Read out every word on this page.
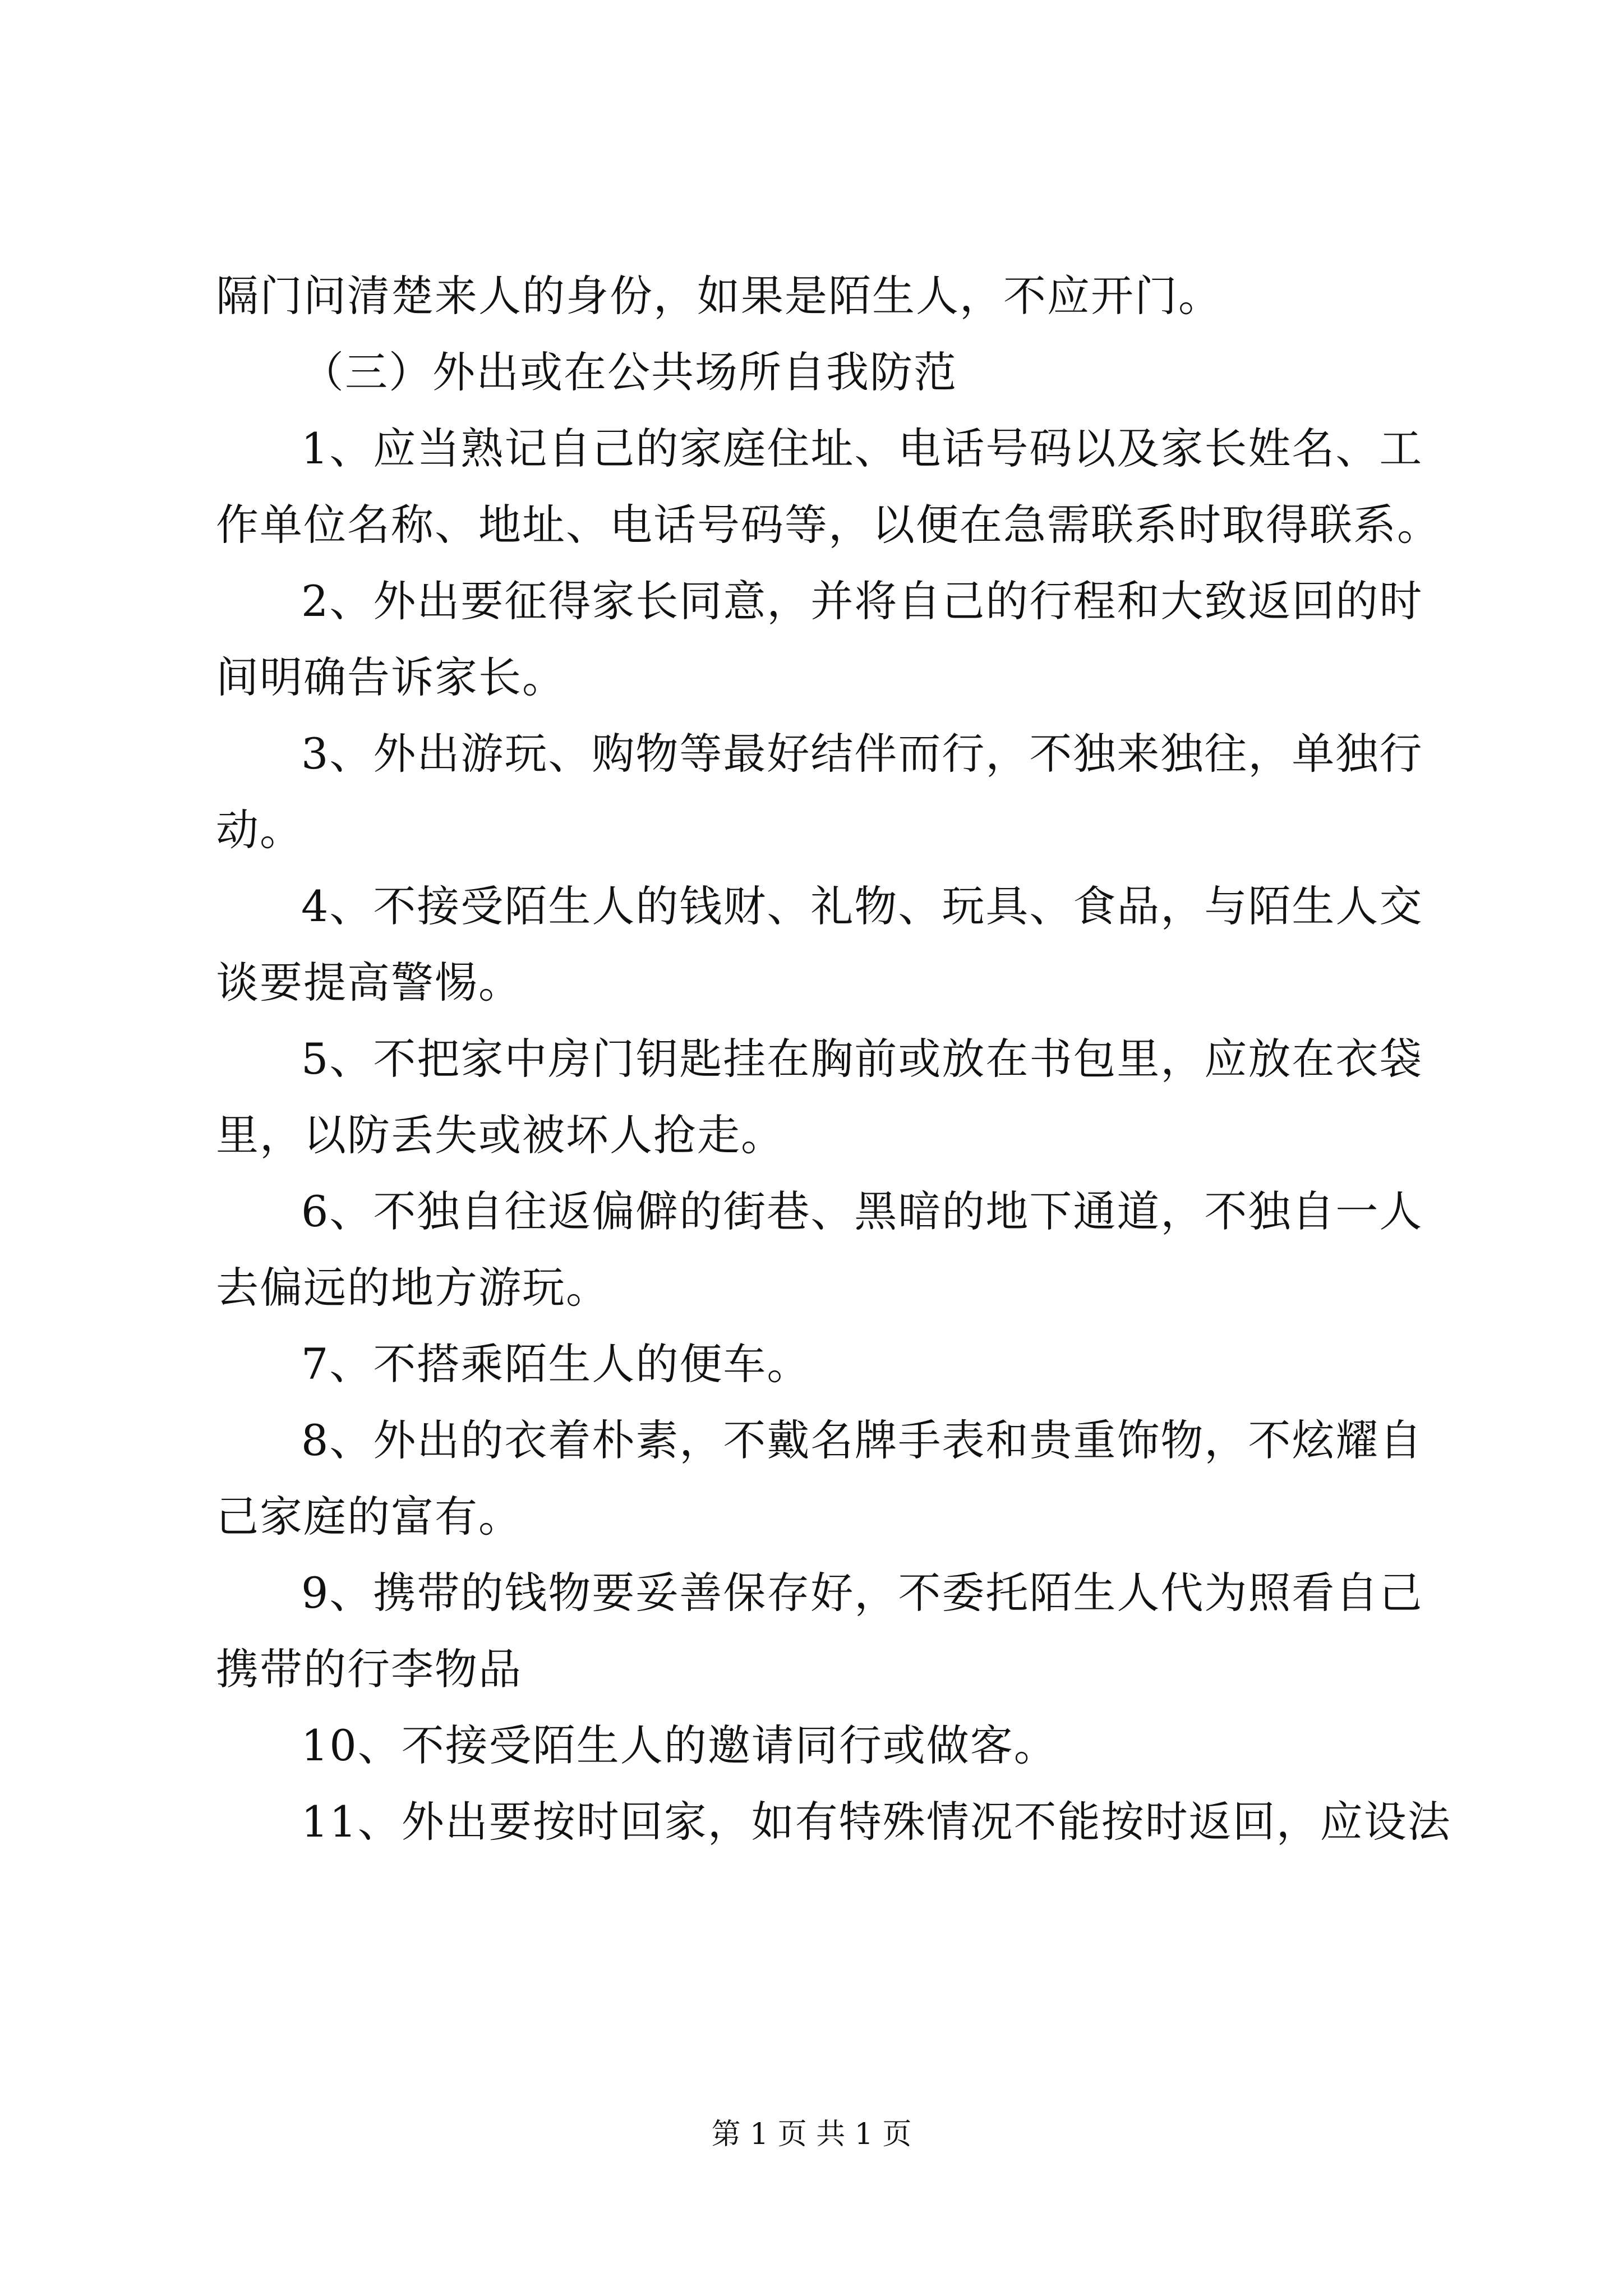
隔门问清楚来人的身份，如果是陌生人，不应开门。
（三）外出或在公共场所自我防范
1、应当熟记自己的家庭住址、电话号码以及家长姓名、工
作单位名称、地址、电话号码等，以便在急需联系时取得联系。
2、外出要征得家长同意，并将自己的行程和大致返回的时
间明确告诉家长。
3、外出游玩、购物等最好结伴而行，不独来独往，单独行
动。
4、不接受陌生人的钱财、礼物、玩具、食品，与陌生人交
谈要提高警惕。
5、不把家中房门钥匙挂在胸前或放在书包里，应放在衣袋
里，以防丢失或被坏人抢走。
6、不独自往返偏僻的街巷、黑暗的地下通道，不独自一人
去偏远的地方游玩。
7、不搭乘陌生人的便车。
8、外出的衣着朴素，不戴名牌手表和贵重饰物，不炫耀自
己家庭的富有。
9、携带的钱物要妥善保存好，不委托陌生人代为照看自己
携带的行李物品
10、不接受陌生人的邀请同行或做客。
11、外出要按时回家，如有特殊情况不能按时返回，应设法
第 1 页 共 1 页
